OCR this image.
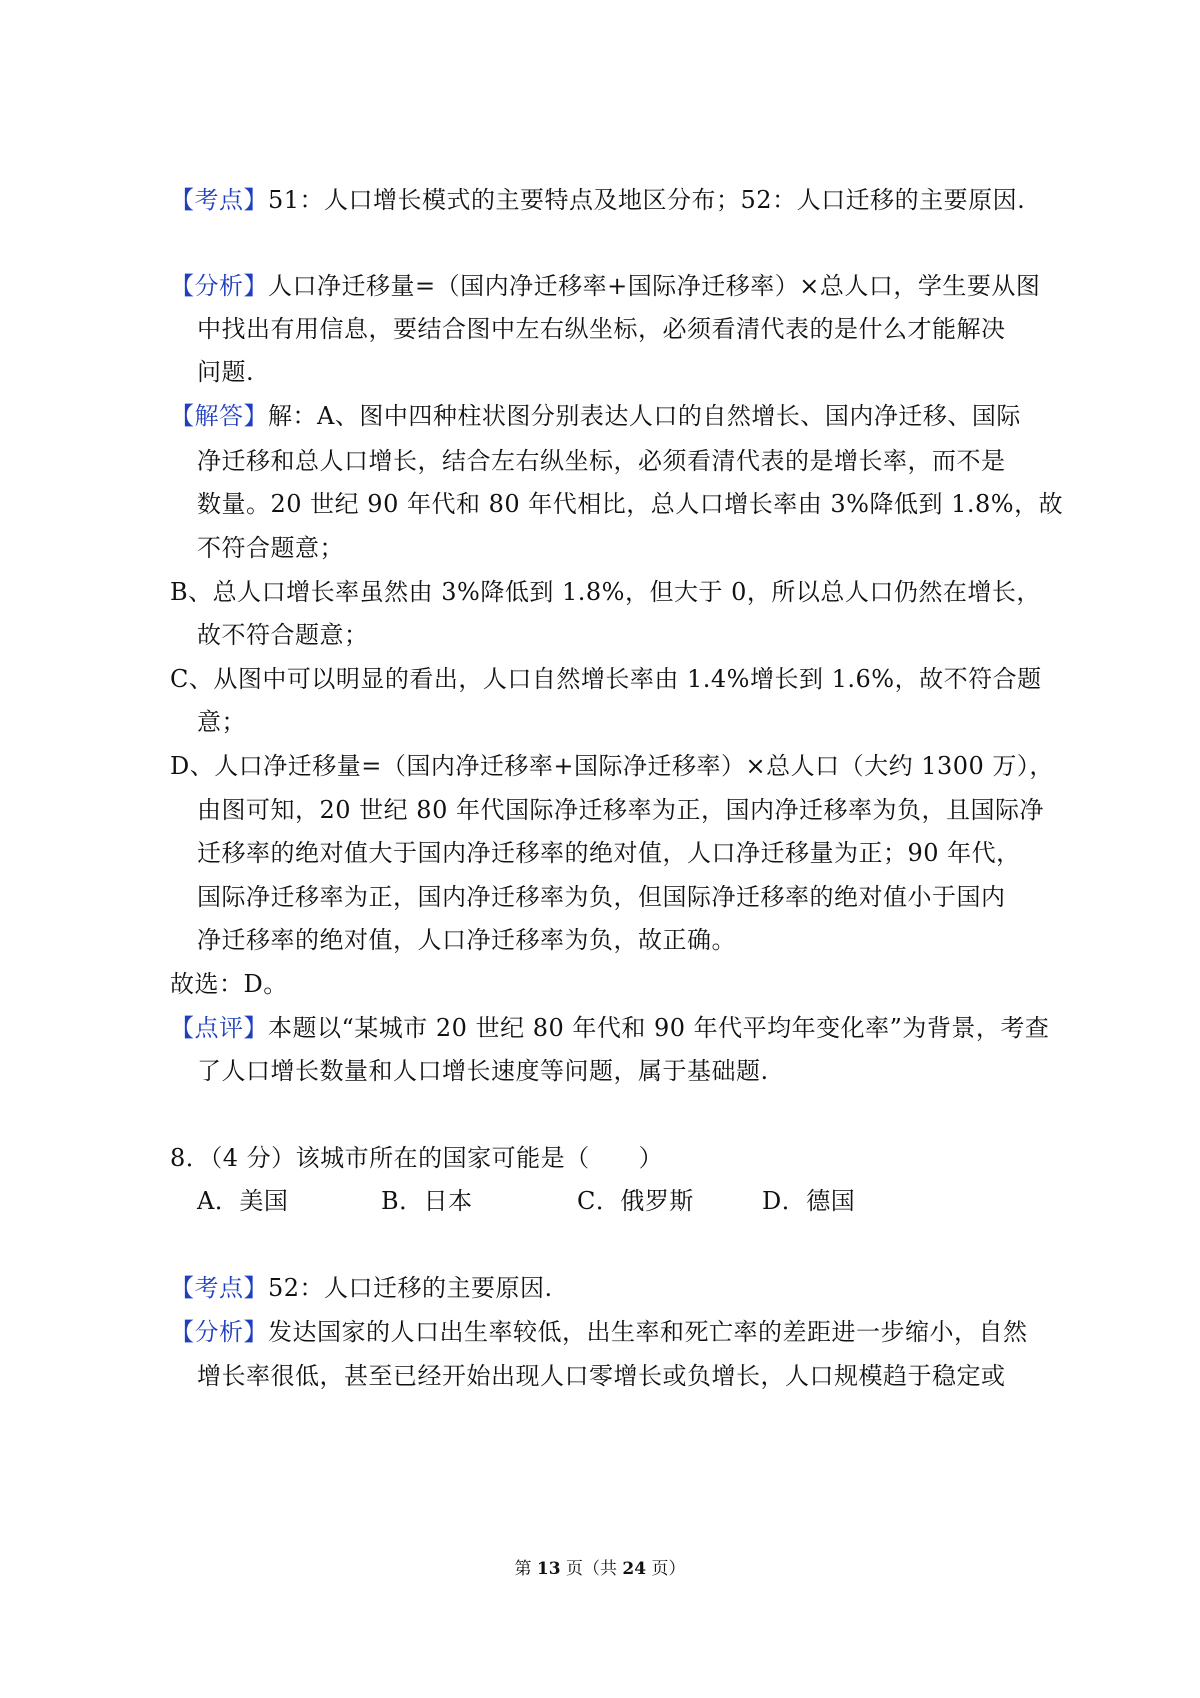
【考点】51：人口增长模式的主要特点及地区分布；52：人口迁移的主要原因.
【分析】人口净迁移量=（国内净迁移率+国际净迁移率）×总人口，学生要从图
中找出有用信息，要结合图中左右纵坐标，必须看清代表的是什么才能解决
问题.
【解答】解：A、图中四种柱状图分别表达人口的自然增长、国内净迁移、国际
净迁移和总人口增长，结合左右纵坐标，必须看清代表的是增长率，而不是
数量。20 世纪 90 年代和 80 年代相比，总人口增长率由 3%降低到 1.8%，故
不符合题意；
B、总人口增长率虽然由 3%降低到 1.8%，但大于 0，所以总人口仍然在增长，
故不符合题意；
C、从图中可以明显的看出，人口自然增长率由 1.4%增长到 1.6%，故不符合题
意；
D、人口净迁移量=（国内净迁移率+国际净迁移率）×总人口（大约 1300 万），
由图可知，20 世纪 80 年代国际净迁移率为正，国内净迁移率为负，且国际净
迁移率的绝对值大于国内净迁移率的绝对值，人口净迁移量为正；90 年代，
国际净迁移率为正，国内净迁移率为负，但国际净迁移率的绝对值小于国内
净迁移率的绝对值，人口净迁移率为负，故正确。
故选：D。
【点评】本题以“某城市 20 世纪 80 年代和 90 年代平均年变化率”为背景，考查
了人口增长数量和人口增长速度等问题，属于基础题.
8．（4 分）该城市所在的国家可能是（　　）
A．美国	B．日本	C．俄罗斯	D．德国
【考点】52：人口迁移的主要原因.
【分析】发达国家的人口出生率较低，出生率和死亡率的差距进一步缩小，自然
增长率很低，甚至已经开始出现人口零增长或负增长，人口规模趋于稳定或
第 13 页（共 24 页）
